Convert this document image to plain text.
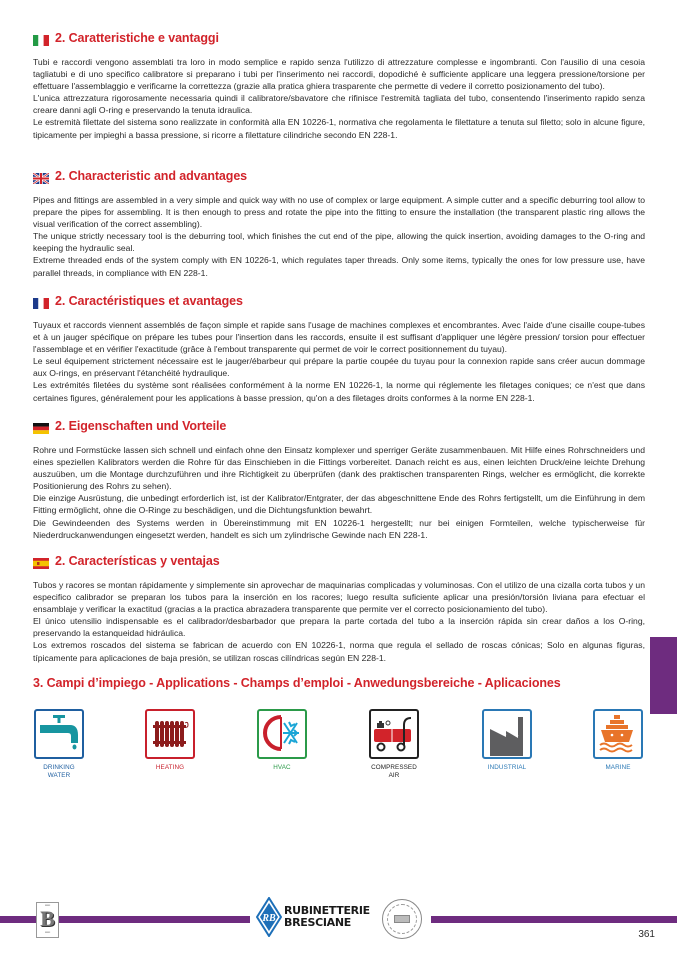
2. Caratteristiche e vantaggi

Tubi e raccordi vengono assemblati tra loro in modo semplice e rapido senza l'utilizzo di attrezzature complesse e ingombranti. Con l'ausilio di una cesoia tagliatubi e di uno specifico calibratore si preparano i tubi per l'inserimento nei raccordi, dopodiché è sufficiente applicare una leggera pressione/torsione per effettuare l'assemblaggio e verificarne la correttezza (grazie alla pratica ghiera trasparente che permette di vedere il corretto posizionamento del tubo).

L'unica attrezzatura rigorosamente necessaria quindi il calibratore/sbavatore che rifinisce l'estremità tagliata del tubo, consentendo l'inserimento rapido senza creare danni agli O-ring e preservando la tenuta idraulica.

Le estremità filettate del sistema sono realizzate in conformità alla EN 10226-1, normativa che regolamenta le filettature a tenuta sul filetto; solo in alcune figure, tipicamente per impieghi a bassa pressione, si ricorre a filettature cilindriche secondo EN 228-1.

2. Characteristic and advantages

Pipes and fittings are assembled in a very simple and quick way with no use of complex or large equipment. A simple cutter and a specific deburring tool allow to prepare the pipes for assembling. It is then enough to press and rotate the pipe into the fitting to ensure the installation (the transparent plastic ring allows the visual verification of the correct assembling).

The unique strictly necessary tool is the deburring tool, which finishes the cut end of the pipe, allowing the quick insertion, avoiding damages to the O-ring and keeping the hydraulic seal.

Extreme threaded ends of the system comply with EN 10226-1, which regulates taper threads. Only some items, typically the ones for low pressure use, have parallel threads, in compliance with EN 228-1.

2. Caractéristiques et avantages

Tuyaux et raccords viennent assemblés de façon simple et rapide sans l'usage de machines complexes et encombrantes. Avec l'aide d'une cisaille coupe-tubes et à un jauger spécifique on prépare les tubes pour l'insertion dans les raccords, ensuite il est suffisant d'appliquer une légère pression/ torsion pour effectuer l'assemblage et en vérifier l'exactitude (grâce à l'embout transparente qui permet de voir le correct positionnement du tuyau).

Le seul équipement strictement nécessaire est le jauger/ébarbeur qui prépare la partie coupée du tuyau pour la connexion rapide sans créer aucun dommage aux O-rings, en préservant l'étanchéité hydraulique.

Les extrémités filetées du système sont réalisées conformément à la norme EN 10226-1, la norme qui réglemente les filetages coniques; ce n'est que dans certaines figures, généralement pour les applications à basse pression, qu'on a des filetages droits conformes à la norme EN 228-1.

2. Eigenschaften und Vorteile

Rohre und Formstücke lassen sich schnell und einfach ohne den Einsatz komplexer und sperriger Geräte zusammenbauen. Mit Hilfe eines Rohrschneiders und eines speziellen Kalibrators werden die Rohre für das Einschieben in die Fittings vorbereitet. Danach reicht es aus, einen leichten Druck/eine leichte Drehung auszuüben, um die Montage durchzuführen und ihre Richtigkeit zu überprüfen (dank des praktischen transparenten Rings, welcher es ermöglicht, die korrekte Positionierung des Rohrs zu sehen).

Die einzige Ausrüstung, die unbedingt erforderlich ist, ist der Kalibrator/Entgrater, der das abgeschnittene Ende des Rohrs fertigstellt, um die Einführung in dem Fitting ermöglicht, ohne die O-Ringe zu beschädigen, und die Dichtungsfunktion bewahrt.

Die Gewindeenden des Systems werden in Übereinstimmung mit EN 10226-1 hergestellt; nur bei einigen Formteilen, welche typischerweise für Niederdruckanwendungen eingesetzt werden, handelt es sich um zylindrische Gewinde nach EN 228-1.

2. Características y ventajas

Tubos y racores se montan rápidamente y simplemente sin aprovechar de maquinarias complicadas y voluminosas. Con el utilizo de una cizalla corta tubos y un especifico calibrador se preparan los tubos para la inserción en los racores; luego resulta suficiente aplicar una presión/torsión liviana para efectuar el ensamblaje y verificar la exactitud (gracias a la practica abrazadera transparente que permite ver el correcto posicionamiento del tubo).

El único utensilio indispensable es el calibrador/desbarbador que prepara la parte cortada del tubo a la inserción rápida sin crear daños a los O-ring, preservando la estanqueidad hidráulica.

Los extremos roscados del sistema se fabrican de acuerdo con EN 10226-1, norma que regula el sellado de roscas cónicas; Solo en algunas figuras, típicamente para aplicaciones de baja presión, se utilizan roscas cilíndricas según EN 228-1.

3. Campi d’impiego - Applications - Champs d’emploi - Anwedungsbereiche - Aplicaciones
DRINKING
WATER
HEATING	HVAC	COMPRESSED
AIR
INDUSTRIAL	MARINE
▪▪▪▪▪
B
▪▪▪▪▪
RB
RUBINETTERIE
BRESCIANE
361
